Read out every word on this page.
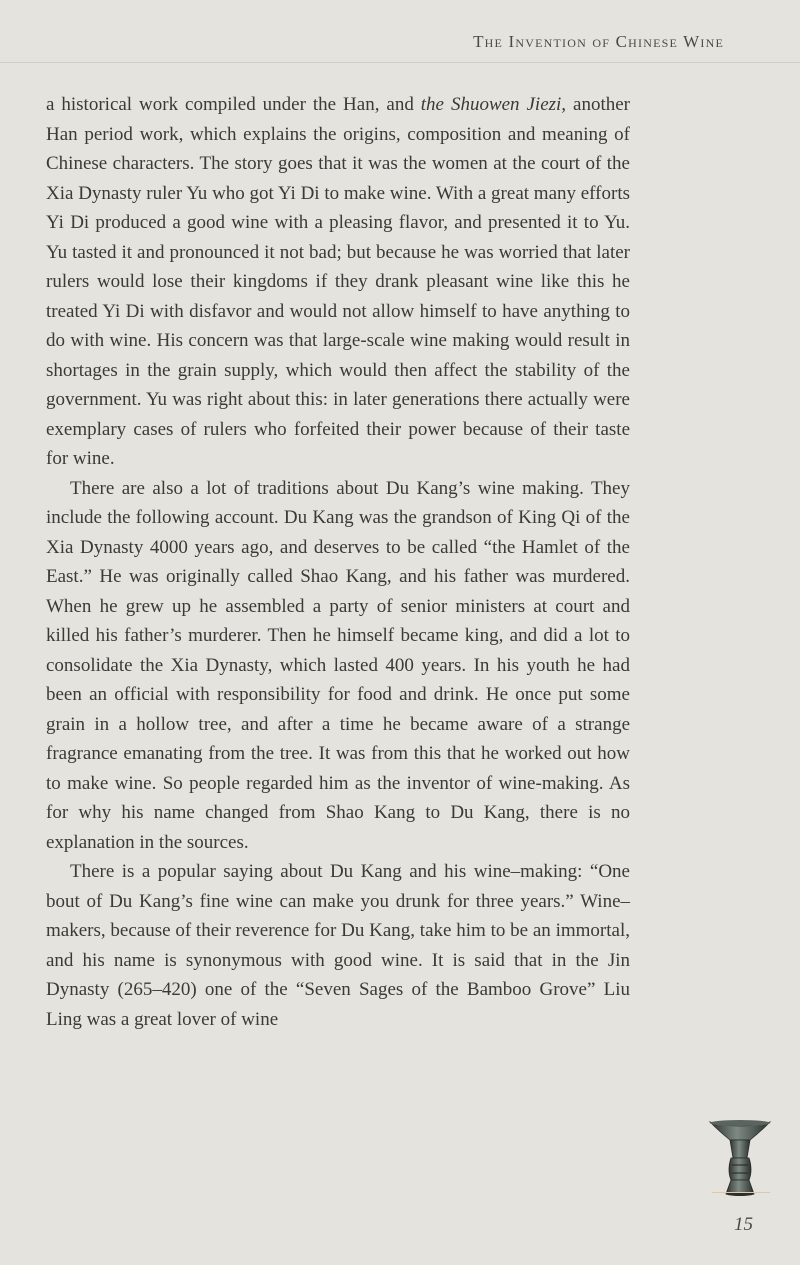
The Invention of Chinese Wine

a historical work compiled under the Han, and the Shuowen Jiezi, another Han period work, which explains the origins, composition and meaning of Chinese characters. The story goes that it was the women at the court of the Xia Dynasty ruler Yu who got Yi Di to make wine. With a great many efforts Yi Di produced a good wine with a pleasing flavor, and presented it to Yu. Yu tasted it and pronounced it not bad; but because he was worried that later rulers would lose their kingdoms if they drank pleasant wine like this he treated Yi Di with disfavor and would not allow himself to have anything to do with wine. His concern was that large-scale wine making would result in shortages in the grain supply, which would then affect the stability of the government. Yu was right about this: in later generations there actually were exemplary cases of rulers who forfeited their power because of their taste for wine.

There are also a lot of traditions about Du Kang’s wine making. They include the following account. Du Kang was the grandson of King Qi of the Xia Dynasty 4000 years ago, and deserves to be called “the Hamlet of the East.” He was originally called Shao Kang, and his father was murdered. When he grew up he assembled a party of senior ministers at court and killed his father’s murderer. Then he himself became king, and did a lot to consolidate the Xia Dynasty, which lasted 400 years. In his youth he had been an official with responsibility for food and drink. He once put some grain in a hollow tree, and after a time he became aware of a strange fragrance emanating from the tree. It was from this that he worked out how to make wine. So people regarded him as the inventor of wine-making. As for why his name changed from Shao Kang to Du Kang, there is no explanation in the sources.

There is a popular saying about Du Kang and his wine–making: “One bout of Du Kang’s fine wine can make you drunk for three years.” Wine–makers, because of their reverence for Du Kang, take him to be an immortal, and his name is synonymous with good wine. It is said that in the Jin Dynasty (265–420) one of the “Seven Sages of the Bamboo Grove” Liu Ling was a great lover of wine

15
